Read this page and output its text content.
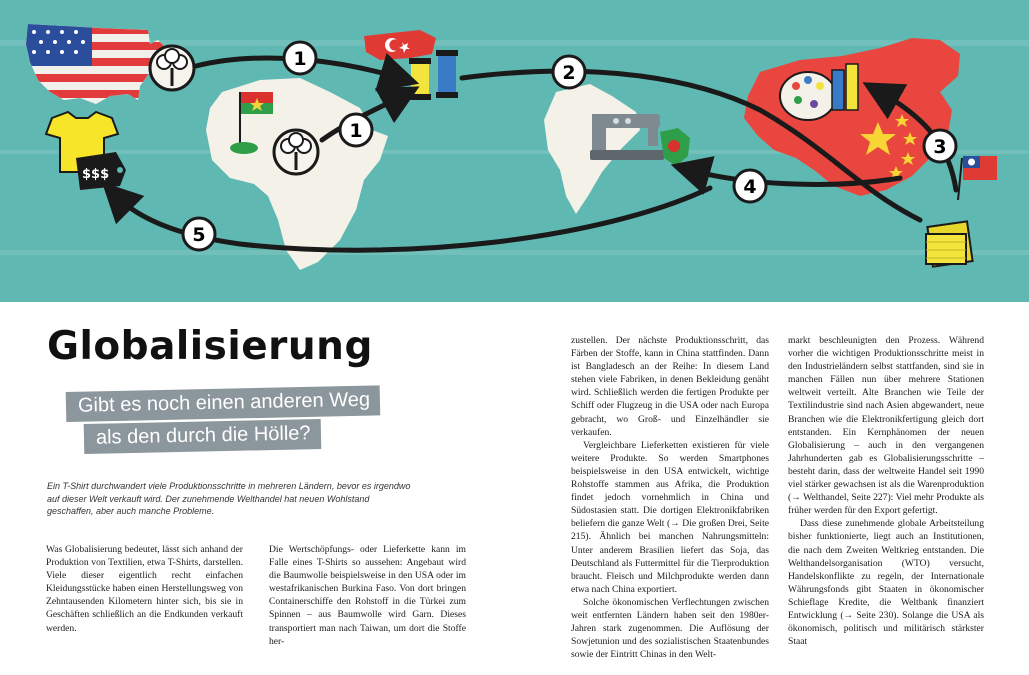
$$$
1
1
2
3
4
5
Globalisierung
Gibt es noch einen anderen Weg
als den durch die Hölle?

Ein T-Shirt durchwandert viele Produktionsschritte in mehreren Ländern, bevor es irgendwo auf dieser Welt verkauft wird. Der zunehmende Welthandel hat neuen Wohlstand geschaffen, aber auch manche Probleme.

Was Globalisierung bedeutet, lässt sich anhand der Produktion von Textilien, etwa T-Shirts, darstellen. Viele dieser eigentlich recht einfachen Kleidungsstücke haben einen Herstellungsweg von Zehntausenden Kilometern hinter sich, bis sie in Geschäften schließlich an die Endkunden verkauft werden.

Die Wertschöpfungs- oder Lieferkette kann im Falle eines T-Shirts so aussehen: Angebaut wird die Baumwolle beispielsweise in den USA oder im westafrikanischen Burkina Faso. Von dort bringen Containerschiffe den Rohstoff in die Türkei zum Spinnen – aus Baumwolle wird Garn. Dieses transportiert man nach Taiwan, um dort die Stoffe her-

zustellen. Der nächste Produktionsschritt, das Färben der Stoffe, kann in China stattfinden. Dann ist Bangladesch an der Reihe: In diesem Land stehen viele Fabriken, in denen Bekleidung genäht wird. Schließlich werden die fertigen Produkte per Schiff oder Flugzeug in die USA oder nach Europa gebracht, wo Groß- und Einzelhändler sie verkaufen.

Vergleichbare Lieferketten existieren für viele weitere Produkte. So werden Smartphones beispielsweise in den USA entwickelt, wichtige Rohstoffe stammen aus Afrika, die Produktion findet jedoch vornehmlich in China und Südostasien statt. Die dortigen Elektronikfabriken beliefern die ganze Welt (→ Die großen Drei, Seite 215). Ähnlich bei manchen Nahrungsmitteln: Unter anderem Brasilien liefert das Soja, das Deutschland als Futtermittel für die Tierproduktion braucht. Fleisch und Milchprodukte werden dann etwa nach China exportiert.

Solche ökonomischen Verflechtungen zwischen weit entfernten Ländern haben seit den 1980er-Jahren stark zugenommen. Die Auflösung der Sowjetunion und des sozialistischen Staatenbundes sowie der Eintritt Chinas in den Welt-

markt beschleunigten den Prozess. Während vorher die wichtigen Produktionsschritte meist in den Industrieländern selbst stattfanden, sind sie in manchen Fällen nun über mehrere Stationen weltweit verteilt. Alte Branchen wie Teile der Textilindustrie sind nach Asien abgewandert, neue Branchen wie die Elektronikfertigung gleich dort entstanden. Ein Kernphänomen der neuen Globalisierung – auch in den vergangenen Jahrhunderten gab es Globalisierungsschritte – besteht darin, dass der weltweite Handel seit 1990 viel stärker gewachsen ist als die Warenproduktion (→ Welthandel, Seite 227): Viel mehr Produkte als früher werden für den Export gefertigt.

Dass diese zunehmende globale Arbeitsteilung bisher funktionierte, liegt auch an Institutionen, die nach dem Zweiten Weltkrieg entstanden. Die Welthandelsorganisation (WTO) versucht, Handelskonflikte zu regeln, der Internationale Währungsfonds gibt Staaten in ökonomischer Schieflage Kredite, die Weltbank finanziert Entwicklung (→ Seite 230). Solange die USA als ökonomisch, politisch und militärisch stärkster Staat
